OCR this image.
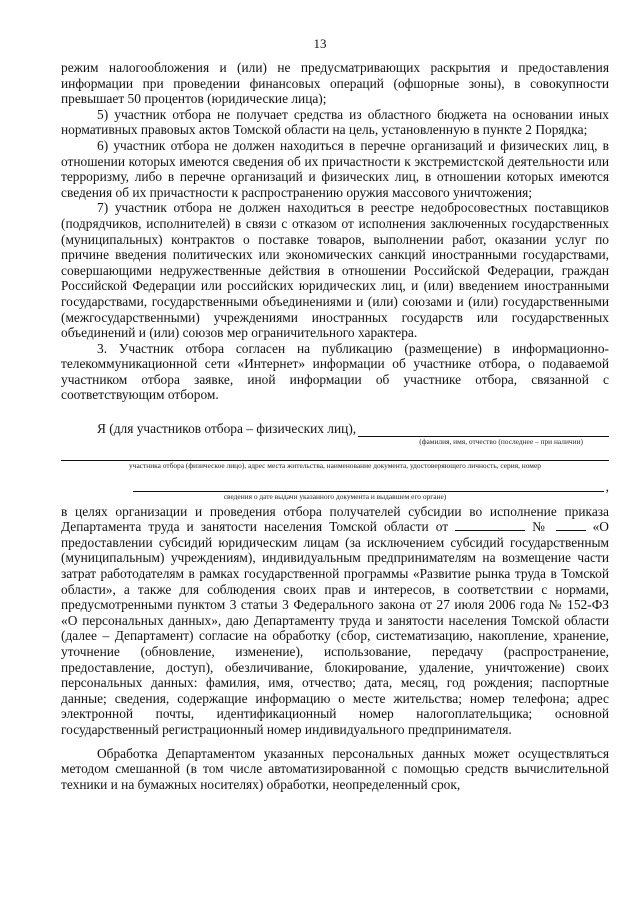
13

режим налогообложения и (или) не предусматривающих раскрытия и предоставления информации при проведении финансовых операций (офшорные зоны), в совокупности превышает 50 процентов (юридические лица);

5) участник отбора не получает средства из областного бюджета на основании иных нормативных правовых актов Томской области на цель, установленную в пункте 2 Порядка;

6) участник отбора не должен находиться в перечне организаций и физических лиц, в отношении которых имеются сведения об их причастности к экстремистской деятельности или терроризму, либо в перечне организаций и физических лиц, в отношении которых имеются сведения об их причастности к распространению оружия массового уничтожения;

7) участник отбора не должен находиться в реестре недобросовестных поставщиков (подрядчиков, исполнителей) в связи с отказом от исполнения заключенных государственных (муниципальных) контрактов о поставке товаров, выполнении работ, оказании услуг по причине введения политических или экономических санкций иностранными государствами, совершающими недружественные действия в отношении Российской Федерации, граждан Российской Федерации или российских юридических лиц, и (или) введением иностранными государствами, государственными объединениями и (или) союзами и (или) государственными (межгосударственными) учреждениями иностранных государств или государственных объединений и (или) союзов мер ограничительного характера.

3. Участник отбора согласен на публикацию (размещение) в информационно-телекоммуникационной сети «Интернет» информации об участнике отбора, о подаваемой участником отбора заявке, иной информации об участнике отбора, связанной с соответствующим отбором.

Я (для участников отбора – физических лиц),
(фамилия, имя, отчество (последнее – при наличии)
участника отбора (физическое лицо), адрес места жительства, наименование документа, удостоверяющего личность, серия, номер
,
сведения о дате выдачи указанного документа и выдавшем его органе)

в целях организации и проведения отбора получателей субсидии во исполнение приказа Департамента труда и занятости населения Томской области от	№	«О предоставлении субсидий юридическим лицам (за исключением субсидий государственным (муниципальным) учреждениям), индивидуальным предпринимателям на возмещение части затрат работодателям в рамках государственной программы «Развитие рынка труда в Томской области», а также для соблюдения своих прав и интересов, в соответствии с нормами, предусмотренными пунктом 3 статьи 3 Федерального закона от 27 июля 2006 года № 152-ФЗ «О персональных данных», даю Департаменту труда и занятости населения Томской области (далее – Департамент) согласие на обработку (сбор, систематизацию, накопление, хранение, уточнение (обновление, изменение), использование, передачу (распространение, предоставление, доступ), обезличивание, блокирование, удаление, уничтожение) своих персональных данных: фамилия, имя, отчество; дата, месяц, год рождения; паспортные данные; сведения, содержащие информацию о месте жительства; номер телефона; адрес электронной почты, идентификационный номер налогоплательщика; основной государственный регистрационный номер индивидуального предпринимателя.

Обработка Департаментом указанных персональных данных может осуществляться методом смешанной (в том числе автоматизированной с помощью средств вычислительной техники и на бумажных носителях) обработки, неопределенный срок,
